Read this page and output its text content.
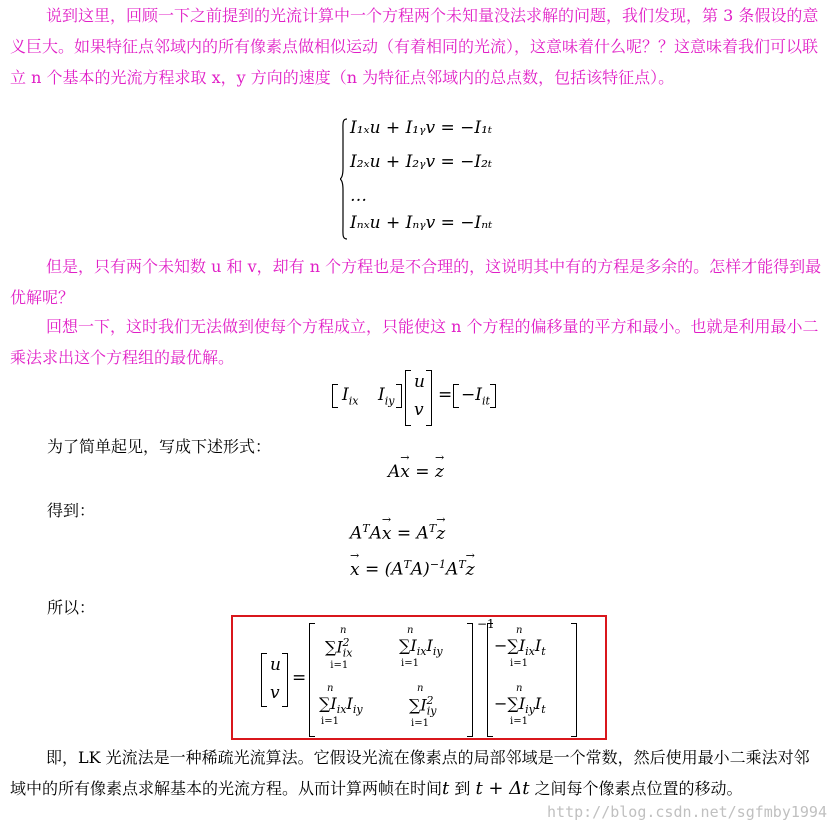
说到这里，回顾一下之前提到的光流计算中一个方程两个未知量没法求解的问题，我们发现，第 3 条假设的意义巨大。如果特征点邻域内的所有像素点做相似运动（有着相同的光流），这意味着什么呢？？这意味着我们可以联立 n 个基本的光流方程求取 x，y 方向的速度（n 为特征点邻域内的总点数，包括该特征点）。
I₁ₓu + I₁ᵧv = −I₁ₜ
I₂ₓu + I₂ᵧv = −I₂ₜ
…
Iₙₓu + Iₙᵧv = −Iₙₜ
但是，只有两个未知数 u 和 v，却有 n 个方程也是不合理的，这说明其中有的方程是多余的。怎样才能得到最优解呢？
回想一下，这时我们无法做到使每个方程成立，只能使这 n 个方程的偏移量的平方和最小。也就是利用最小二乘法求出这个方程组的最优解。
$I_{ix}$ $I_{iy}$
u
v
= $-I_{it}$
为了简单起见，写成下述形式：
Ax
→
= z
→
得到：
$A^TAx$
→
= $A^Tz$
→
x
→
= $(A^TA)^{-1}A^Tz$
→
所以：
u
v
=
n
$\sum I_{ix}^2$
i=1
n
$\sum I_{ix}I_{iy}$
i=1
n
$\sum I_{ix}I_{iy}$
i=1
n
$\sum I_{iy}^2$
i=1
−1 n
$-\sum I_{ix}I_t$
i=1
n
$-\sum I_{iy}I_t$
i=1
即，LK 光流法是一种稀疏光流算法。它假设光流在像素点的局部邻域是一个常数，然后使用最小二乘法对邻域中的所有像素点求解基本的光流方程。从而计算两帧在时间t 到 t + Δt 之间每个像素点位置的移动。
http://blog.csdn.net/sgfmby1994
